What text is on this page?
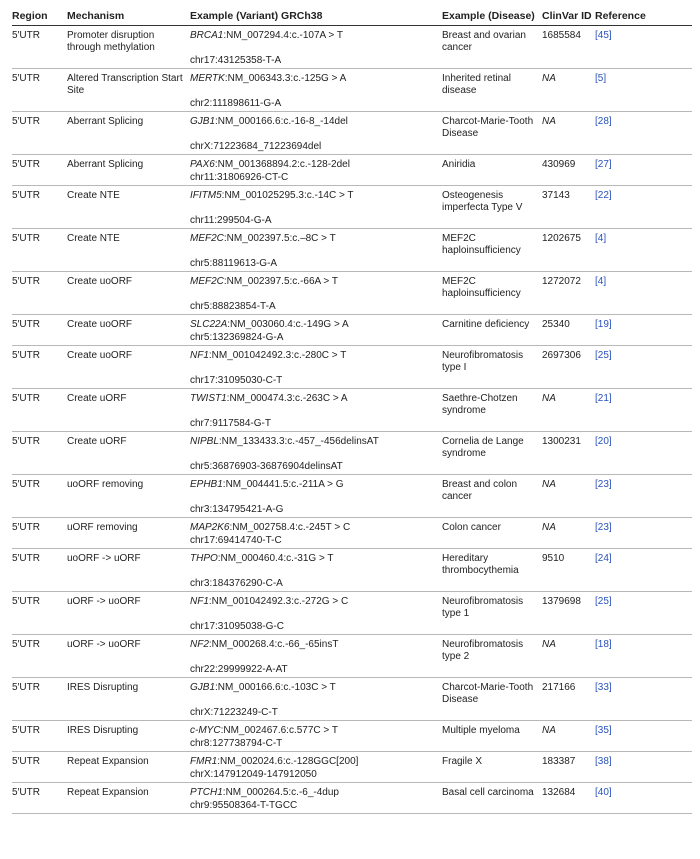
Region	Mechanism	Example (Variant) GRCh38	Example (Disease)	ClinVar ID	Reference
5′UTR	Promoter disruption through methylation	BRCA1:NM_007294.4:c.-107A > T	Breast and ovarian cancer	1685584	[45]
		chr17:43125358-T-A			
5′UTR	Altered Transcription Start Site	MERTK:NM_006343.3:c.-125G > A	Inherited retinal disease	NA	[5]
		chr2:111898611-G-A			
5′UTR	Aberrant Splicing	GJB1:NM_000166.6:c.-16-8_-14del	Charcot-Marie-Tooth Disease	NA	[28]
		chrX:71223684_71223694del			
5′UTR	Aberrant Splicing	PAX6:NM_001368894.2:c.-128-2del	Aniridia	430969	[27]
		chr11:31806926-CT-C			
5′UTR	Create NTE	IFITM5:NM_001025295.3:c.-14C > T	Osteogenesis imperfecta Type V	37143	[22]
		chr11:299504-G-A			
5′UTR	Create NTE	MEF2C:NM_002397.5:c.–8C > T	MEF2C haploinsufficiency	1202675	[4]
		chr5:88119613-G-A			
5′UTR	Create uoORF	MEF2C:NM_002397.5:c.-66A > T	MEF2C haploinsufficiency	1272072	[4]
		chr5:88823854-T-A			
5′UTR	Create uoORF	SLC22A:NM_003060.4:c.-149G > A	Carnitine deficiency	25340	[19]
		chr5:132369824-G-A			
5′UTR	Create uoORF	NF1:NM_001042492.3:c.-280C > T	Neurofibromatosis type I	2697306	[25]
		chr17:31095030-C-T			
5′UTR	Create uORF	TWIST1:NM_000474.3:c.-263C > A	Saethre-Chotzen syndrome	NA	[21]
		chr7:9117584-G-T			
5′UTR	Create uORF	NIPBL:NM_133433.3:c.-457_-456delinsAT	Cornelia de Lange syndrome	1300231	[20]
		chr5:36876903-36876904delinsAT			
5′UTR	uoORF removing	EPHB1:NM_004441.5:c.-211A > G	Breast and colon cancer	NA	[23]
		chr3:134795421-A-G			
5′UTR	uORF removing	MAP2K6:NM_002758.4:c.-245T > C	Colon cancer	NA	[23]
		chr17:69414740-T-C			
5′UTR	uoORF -> uORF	THPO:NM_000460.4:c.-31G > T	Hereditary thrombocythemia	9510	[24]
		chr3:184376290-C-A			
5′UTR	uORF -> uoORF	NF1:NM_001042492.3:c.-272G > C	Neurofibromatosis type 1	1379698	[25]
		chr17:31095038-G-C			
5′UTR	uORF -> uoORF	NF2:NM_000268.4:c.-66_-65insT	Neurofibromatosis type 2	NA	[18]
		chr22:29999922-A-AT			
5′UTR	IRES Disrupting	GJB1:NM_000166.6:c.-103C > T	Charcot-Marie-Tooth Disease	217166	[33]
		chrX:71223249-C-T			
5′UTR	IRES Disrupting	c-MYC:NM_002467.6:c.577C > T	Multiple myeloma	NA	[35]
		chr8:127738794-C-T			
5′UTR	Repeat Expansion	FMR1:NM_002024.6:c.-128GGC[200]	Fragile X	183387	[38]
		chrX:147912049-147912050			
5′UTR	Repeat Expansion	PTCH1:NM_000264.5:c.-6_-4dup	Basal cell carcinoma	132684	[40]
		chr9:95508364-T-TGCC			
